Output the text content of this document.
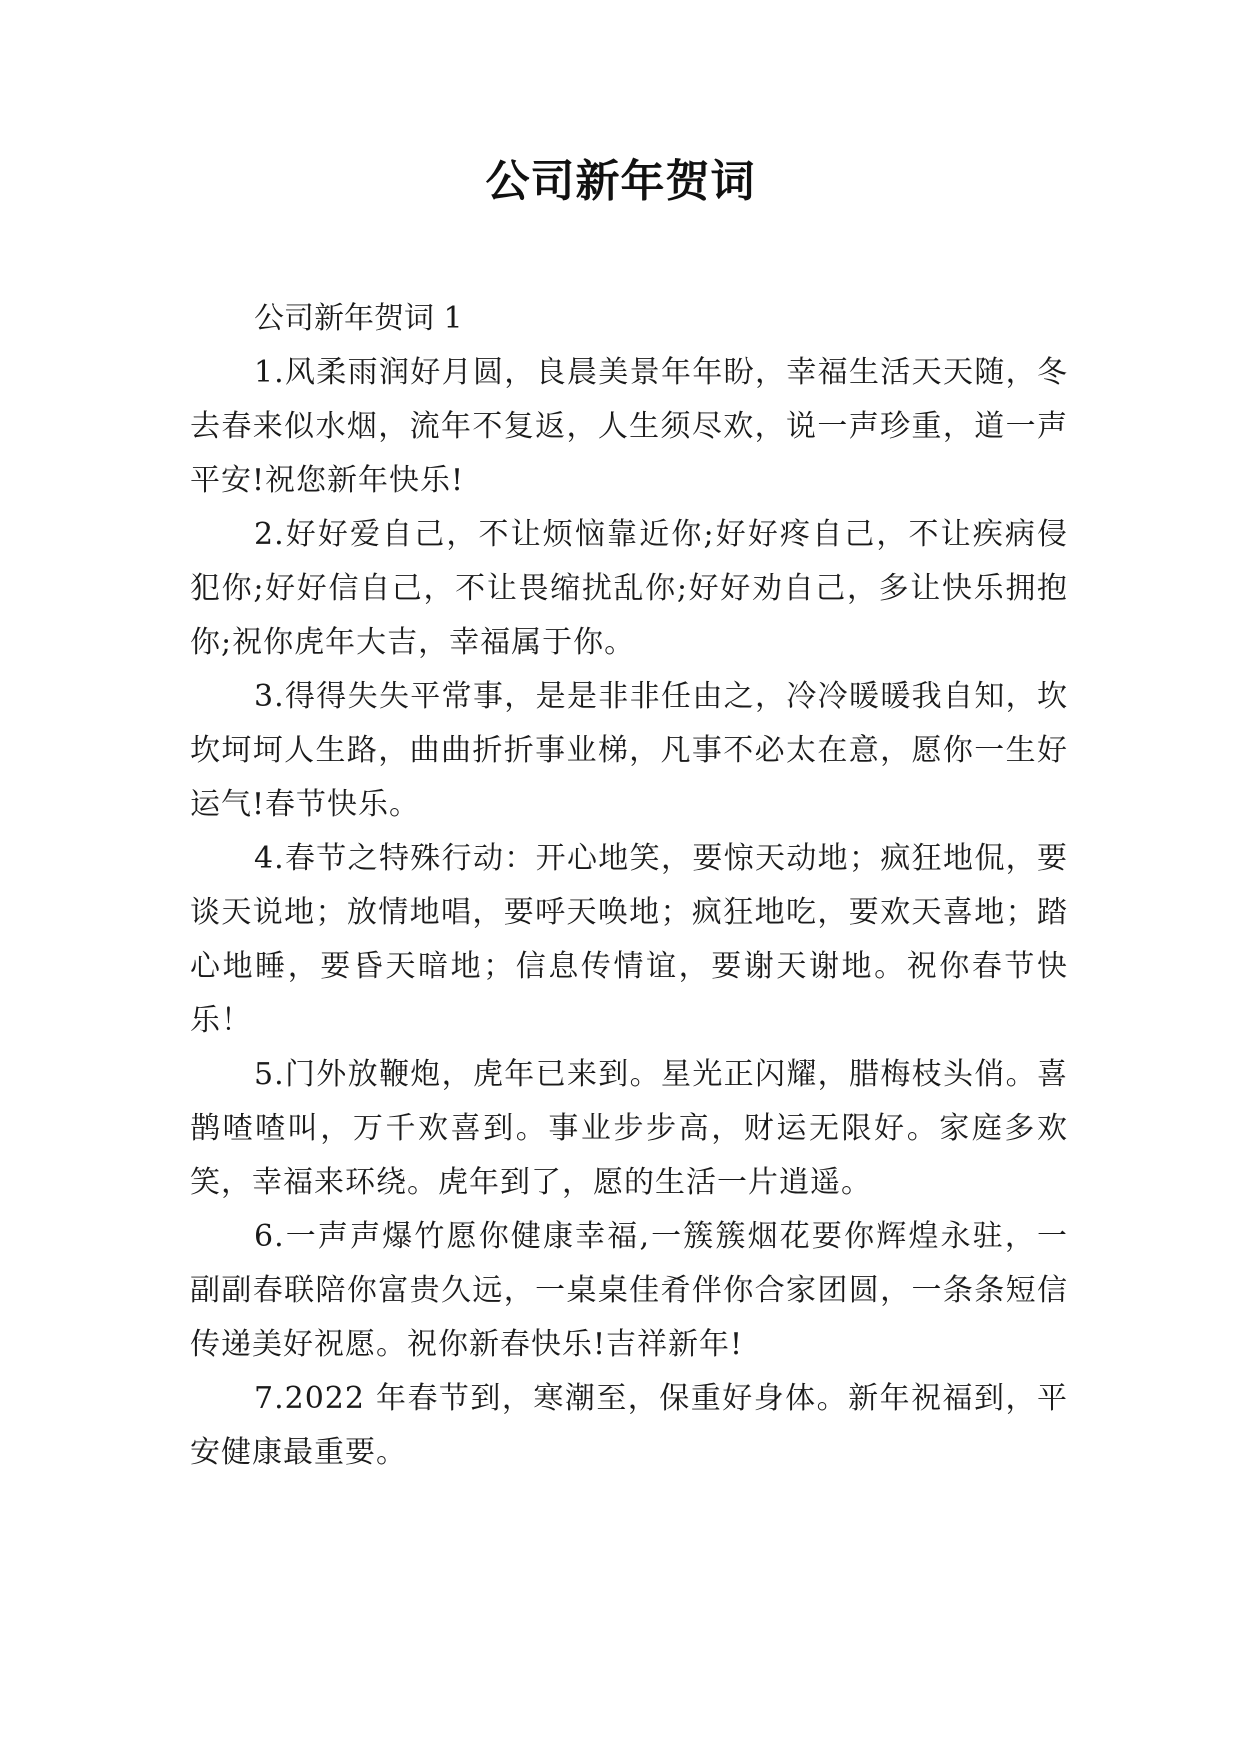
公司新年贺词

公司新年贺词 1

1.风柔雨润好月圆，良晨美景年年盼，幸福生活天天随，冬去春来似水烟，流年不复返，人生须尽欢，说一声珍重，道一声平安!祝您新年快乐!

2.好好爱自己，不让烦恼靠近你;好好疼自己，不让疾病侵犯你;好好信自己，不让畏缩扰乱你;好好劝自己，多让快乐拥抱你;祝你虎年大吉，幸福属于你。

3.得得失失平常事，是是非非任由之，冷冷暖暖我自知，坎坎坷坷人生路，曲曲折折事业梯，凡事不必太在意，愿你一生好运气!春节快乐。

4.春节之特殊行动：开心地笑，要惊天动地；疯狂地侃，要谈天说地；放情地唱，要呼天唤地；疯狂地吃，要欢天喜地；踏心地睡，要昏天暗地；信息传情谊，要谢天谢地。祝你春节快乐！

5.门外放鞭炮，虎年已来到。星光正闪耀，腊梅枝头俏。喜鹊喳喳叫，万千欢喜到。事业步步高，财运无限好。家庭多欢笑，幸福来环绕。虎年到了，愿的生活一片逍遥。

6.一声声爆竹愿你健康幸福,一簇簇烟花要你辉煌永驻，一副副春联陪你富贵久远，一桌桌佳肴伴你合家团圆，一条条短信传递美好祝愿。祝你新春快乐!吉祥新年!

7.2022 年春节到，寒潮至，保重好身体。新年祝福到，平安健康最重要。
